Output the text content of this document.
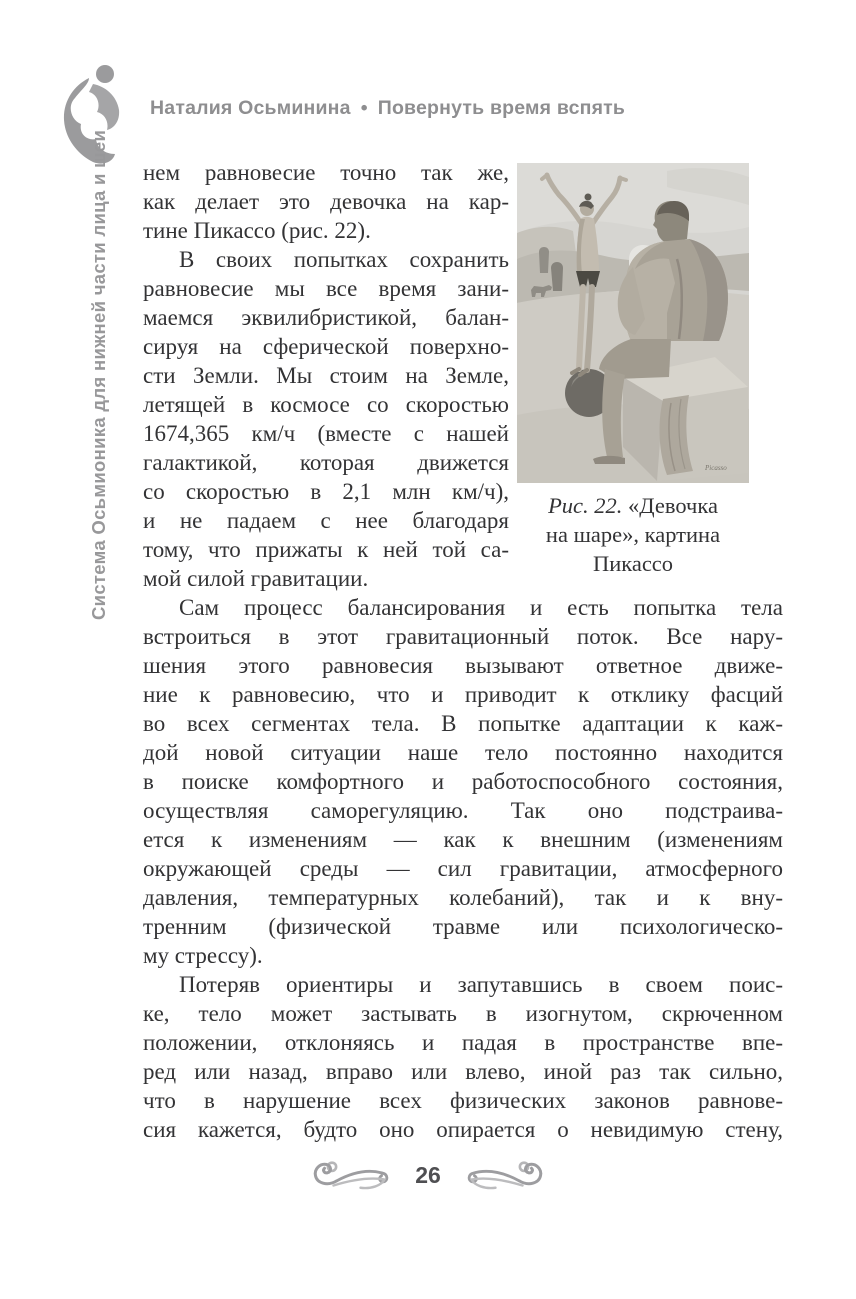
Наталия Осьминина • Повернуть время вспять
Система Осьмионика для нижней части лица и шеи нем равновесие точно так же,
как делает это девочка на кар-
тине Пикассо (рис. 22).
В своих попытках сохранить
равновесие мы все время зани-
маемся эквилибристикой, балан-
сируя на сферической поверхно-
сти Земли. Мы стоим на Земле,
летящей в космосе со скоростью
1674,365 км/ч (вместе с нашей
галактикой, которая движется
со скоростью в 2,1 млн км/ч),
и не падаем с нее благодаря
тому, что прижаты к ней той са-
мой силой гравитации.
Picasso
Рис. 22. «Девочка
на шаре», картина
Пикассо
Сам процесс балансирования и есть попытка тела
встроиться в этот гравитационный поток. Все нару-
шения этого равновесия вызывают ответное движе-
ние к равновесию, что и приводит к отклику фасций
во всех сегментах тела. В попытке адаптации к каж-
дой новой ситуации наше тело постоянно находится
в поиске комфортного и работоспособного состояния,
осуществляя саморегуляцию. Так оно подстраива-
ется к изменениям — как к внешним (изменениям
окружающей среды — сил гравитации, атмосферного
давления, температурных колебаний), так и к вну-
тренним (физической травме или психологическо-
му стрессу).
Потеряв ориентиры и запутавшись в своем поис-
ке, тело может застывать в изогнутом, скрюченном
положении, отклоняясь и падая в пространстве впе-
ред или назад, вправо или влево, иной раз так сильно,
что в нарушение всех физических законов равнове-
сия кажется, будто оно опирается о невидимую стену,
26
